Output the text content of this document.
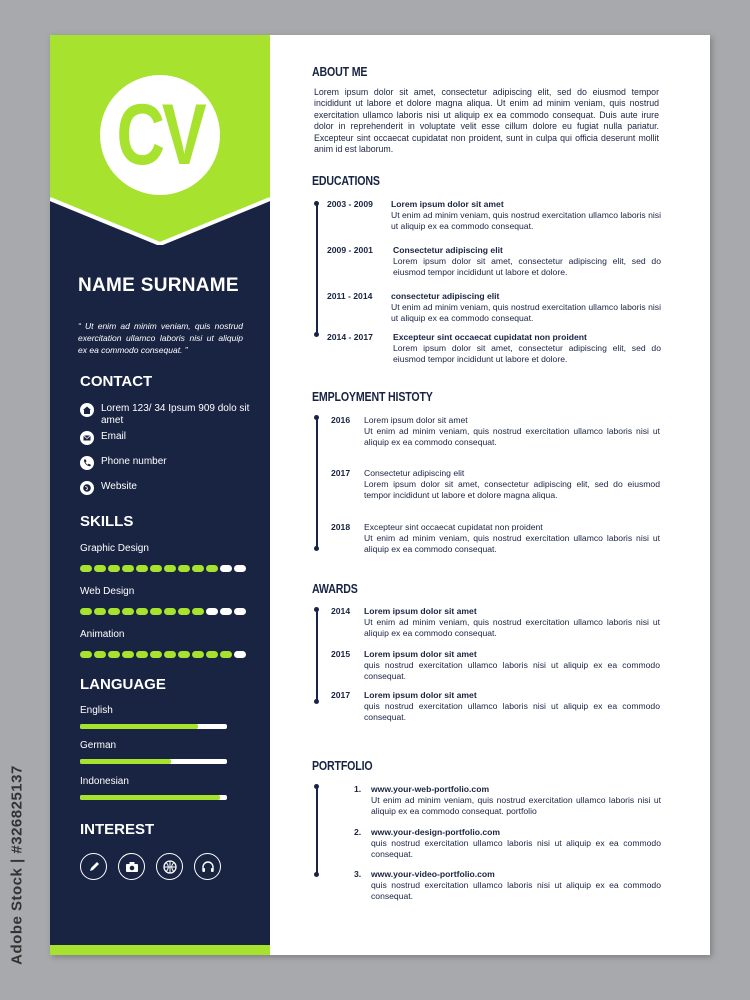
Adobe Stock | #326825137
CV
NAME SURNAME
“ Ut enim ad minim veniam, quis nostrud exercitation ullamco laboris nisi ut aliquip ex ea commodo consequat. ”
CONTACT
Lorem 123/ 34 Ipsum 909 dolo sit amet
Email
Phone number
Website
SKILLS
Graphic Design
Web Design
Animation
LANGUAGE
English
German
Indonesian
INTEREST
ABOUT ME
Lorem ipsum dolor sit amet, consectetur adipiscing elit, sed do eiusmod tempor incididunt ut labore et dolore magna aliqua. Ut enim ad minim veniam, quis nostrud exercitation ullamco laboris nisi ut aliquip ex ea commodo consequat. Duis aute irure dolor in reprehenderit in voluptate velit esse cillum dolore eu fugiat nulla pariatur. Excepteur sint occaecat cupidatat non proident, sunt in culpa qui officia deserunt mollit anim id est laborum.
EDUCATIONS
2003 - 2009 Lorem ipsum dolor sit amet
Ut enim ad minim veniam, quis nostrud exercitation ullamco laboris nisi ut aliquip ex ea commodo consequat.
2009 - 2001 Consectetur adipiscing elit
Lorem ipsum dolor sit amet, consectetur adipiscing elit, sed do eiusmod tempor incididunt ut labore et dolore.
2011 - 2014 consectetur adipiscing elit
Ut enim ad minim veniam, quis nostrud exercitation ullamco laboris nisi ut aliquip ex ea commodo consequat.
2014 - 2017 Excepteur sint occaecat cupidatat non proident
Lorem ipsum dolor sit amet, consectetur adipiscing elit, sed do eiusmod tempor incididunt ut labore et dolore.
EMPLOYMENT HISTOTY
2016 Lorem ipsum dolor sit amet
Ut enim ad minim veniam, quis nostrud exercitation ullamco laboris nisi ut aliquip ex ea commodo consequat.
2017 Consectetur adipiscing elit
Lorem ipsum dolor sit amet, consectetur adipiscing elit, sed do eiusmod tempor incididunt ut labore et dolore magna aliqua.
2018 Excepteur sint occaecat cupidatat non proident
Ut enim ad minim veniam, quis nostrud exercitation ullamco laboris nisi ut aliquip ex ea commodo consequat.
AWARDS
2014 Lorem ipsum dolor sit amet
Ut enim ad minim veniam, quis nostrud exercitation ullamco laboris nisi ut aliquip ex ea commodo consequat.
2015 Lorem ipsum dolor sit amet
quis nostrud exercitation ullamco laboris nisi ut aliquip ex ea commodo consequat.
2017 Lorem ipsum dolor sit amet
quis nostrud exercitation ullamco laboris nisi ut aliquip ex ea commodo consequat.
PORTFOLIO
1. www.your-web-portfolio.com
Ut enim ad minim veniam, quis nostrud exercitation ullamco laboris nisi ut aliquip ex ea commodo consequat. portfolio
2. www.your-design-portfolio.com
quis nostrud exercitation ullamco laboris nisi ut aliquip ex ea commodo consequat.
3. www.your-video-portfolio.com
quis nostrud exercitation ullamco laboris nisi ut aliquip ex ea commodo consequat.
